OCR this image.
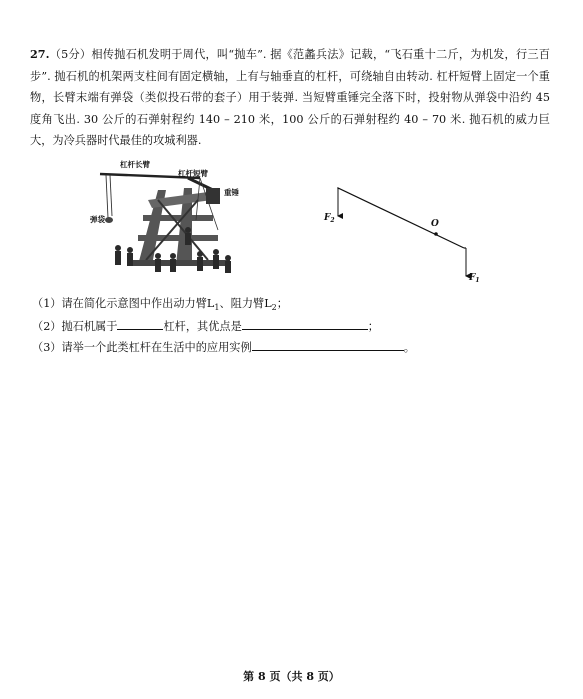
27.（5分）相传抛石机发明于周代，叫“抛车”. 据《范蠡兵法》记载，“飞石重十二斤，为机发，行三百步”. 抛石机的机架两支柱间有固定横轴，上有与轴垂直的杠杆，可绕轴自由转动. 杠杆短臂上固定一个重物，长臂末端有弹袋（类似投石带的套子）用于装弹. 当短臂重锤完全落下时，投射物从弹袋中沿约 45 度角飞出. 30 公斤的石弹射程约 140 – 210 米，100 公斤的石弹射程约 40 – 70 米. 抛石机的威力巨大，为冷兵器时代最佳的攻城利器.
杠杆长臂
杠杆短臂
重锤
弹袋	$F_2$	O
$F_1$
（1）请在简化示意图中作出动力臂$L_1$、阻力臂$L_2$；
（2）抛石机属于	杠杆，其优点是	；
（3）请举一个此类杠杆在生活中的应用实例	。
第 8 页（共 8 页）
